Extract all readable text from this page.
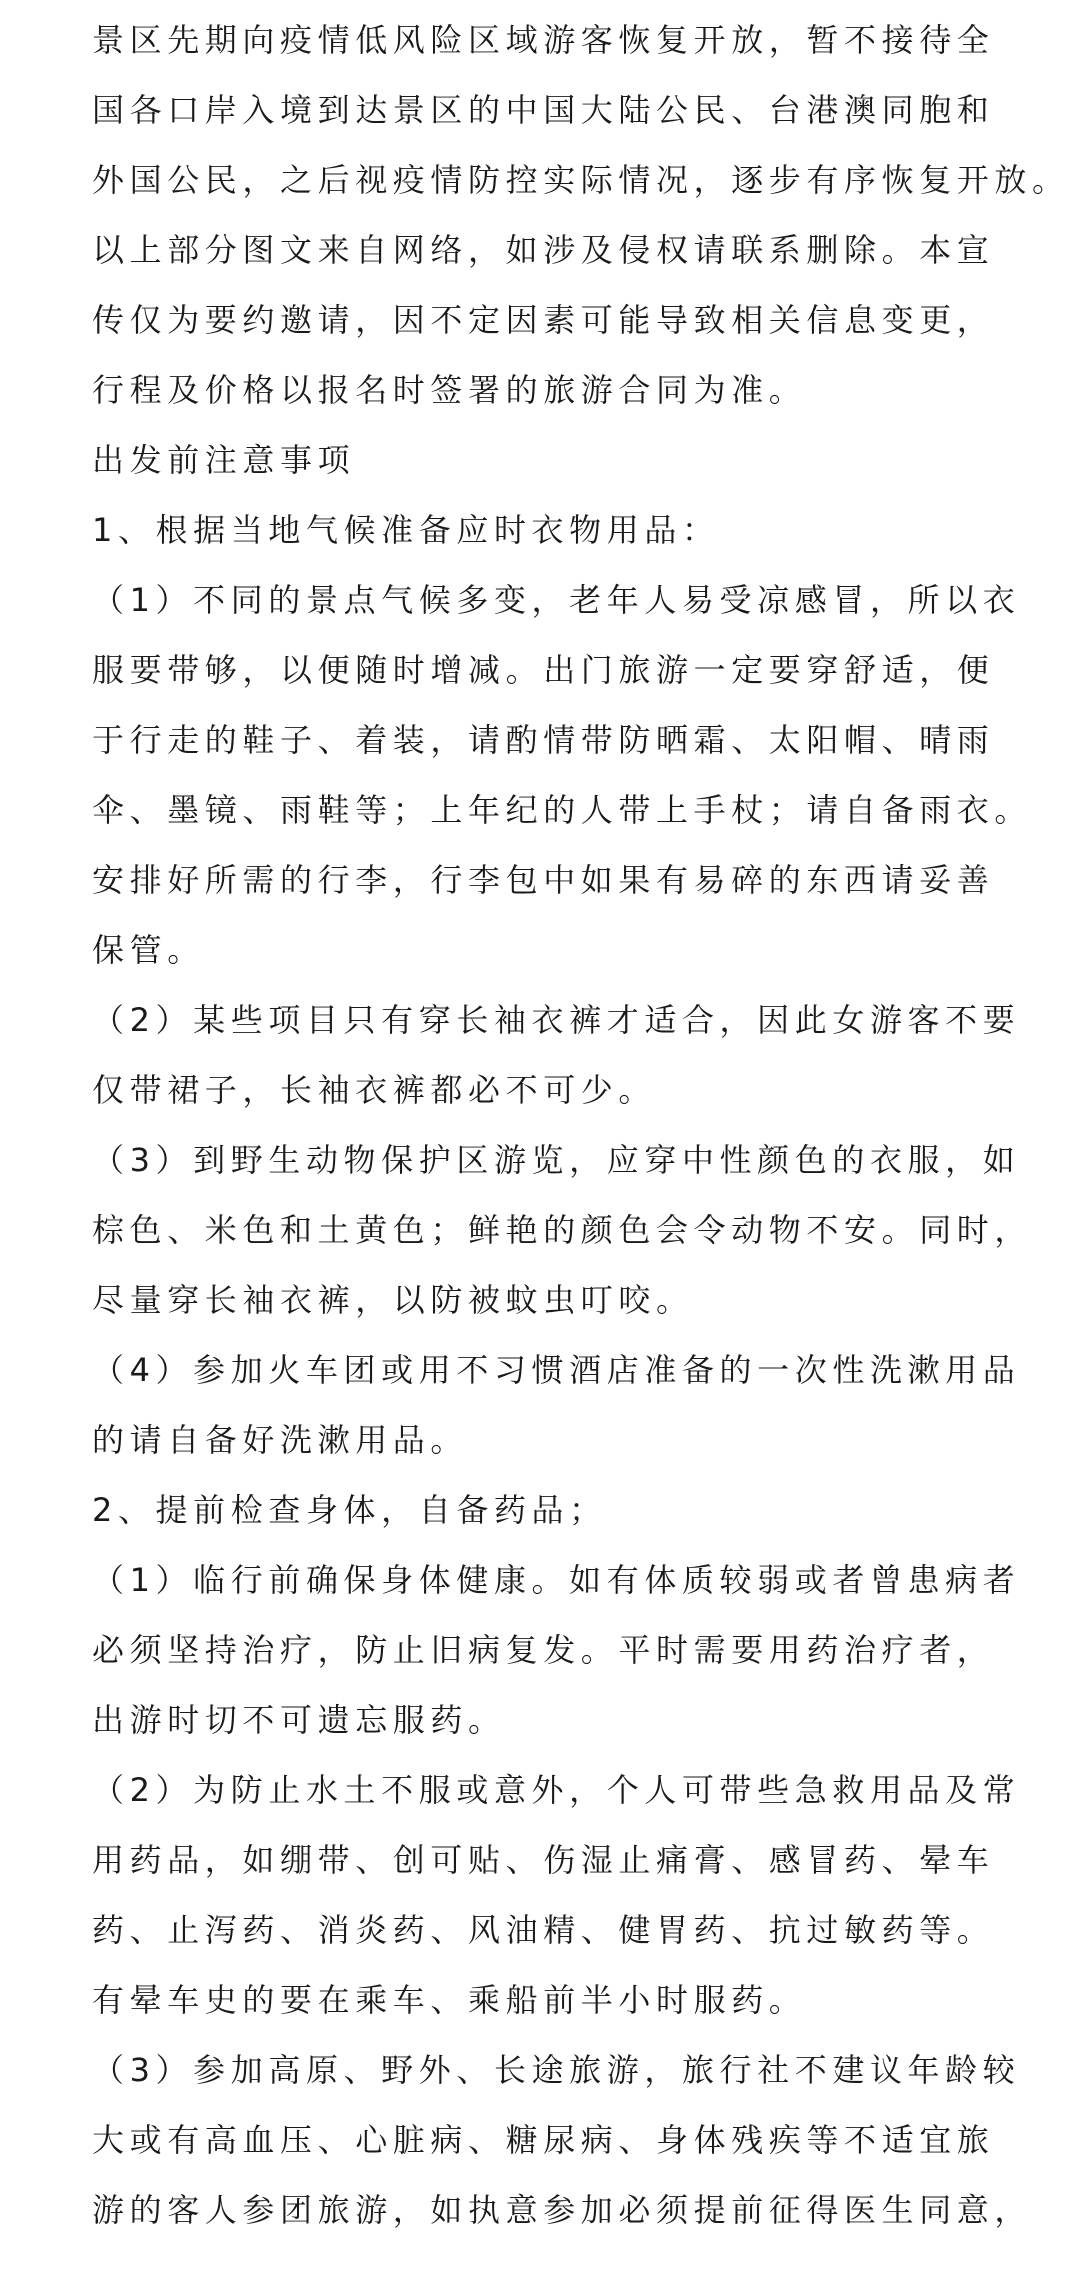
景区先期向疫情低风险区域游客恢复开放，暂不接待全

国各口岸入境到达景区的中国大陆公民、台港澳同胞和

外国公民，之后视疫情防控实际情况，逐步有序恢复开放。

以上部分图文来自网络，如涉及侵权请联系删除。本宣

传仅为要约邀请，因不定因素可能导致相关信息变更，

行程及价格以报名时签署的旅游合同为准。

出发前注意事项

1、根据当地气候准备应时衣物用品：

（1）不同的景点气候多变，老年人易受凉感冒，所以衣

服要带够，以便随时增减。出门旅游一定要穿舒适，便

于行走的鞋子、着装，请酌情带防晒霜、太阳帽、晴雨

伞、墨镜、雨鞋等；上年纪的人带上手杖；请自备雨衣。

安排好所需的行李，行李包中如果有易碎的东西请妥善

保管。

（2）某些项目只有穿长袖衣裤才适合，因此女游客不要

仅带裙子，长袖衣裤都必不可少。

（3）到野生动物保护区游览，应穿中性颜色的衣服，如

棕色、米色和土黄色；鲜艳的颜色会令动物不安。同时，

尽量穿长袖衣裤，以防被蚊虫叮咬。

（4）参加火车团或用不习惯酒店准备的一次性洗漱用品

的请自备好洗漱用品。

2、提前检查身体，自备药品；

（1）临行前确保身体健康。如有体质较弱或者曾患病者

必须坚持治疗，防止旧病复发。平时需要用药治疗者，

出游时切不可遗忘服药。

（2）为防止水土不服或意外，个人可带些急救用品及常

用药品，如绷带、创可贴、伤湿止痛膏、感冒药、晕车

药、止泻药、消炎药、风油精、健胃药、抗过敏药等。

有晕车史的要在乘车、乘船前半小时服药。

（3）参加高原、野外、长途旅游，旅行社不建议年龄较

大或有高血压、心脏病、糖尿病、身体残疾等不适宜旅

游的客人参团旅游，如执意参加必须提前征得医生同意，
